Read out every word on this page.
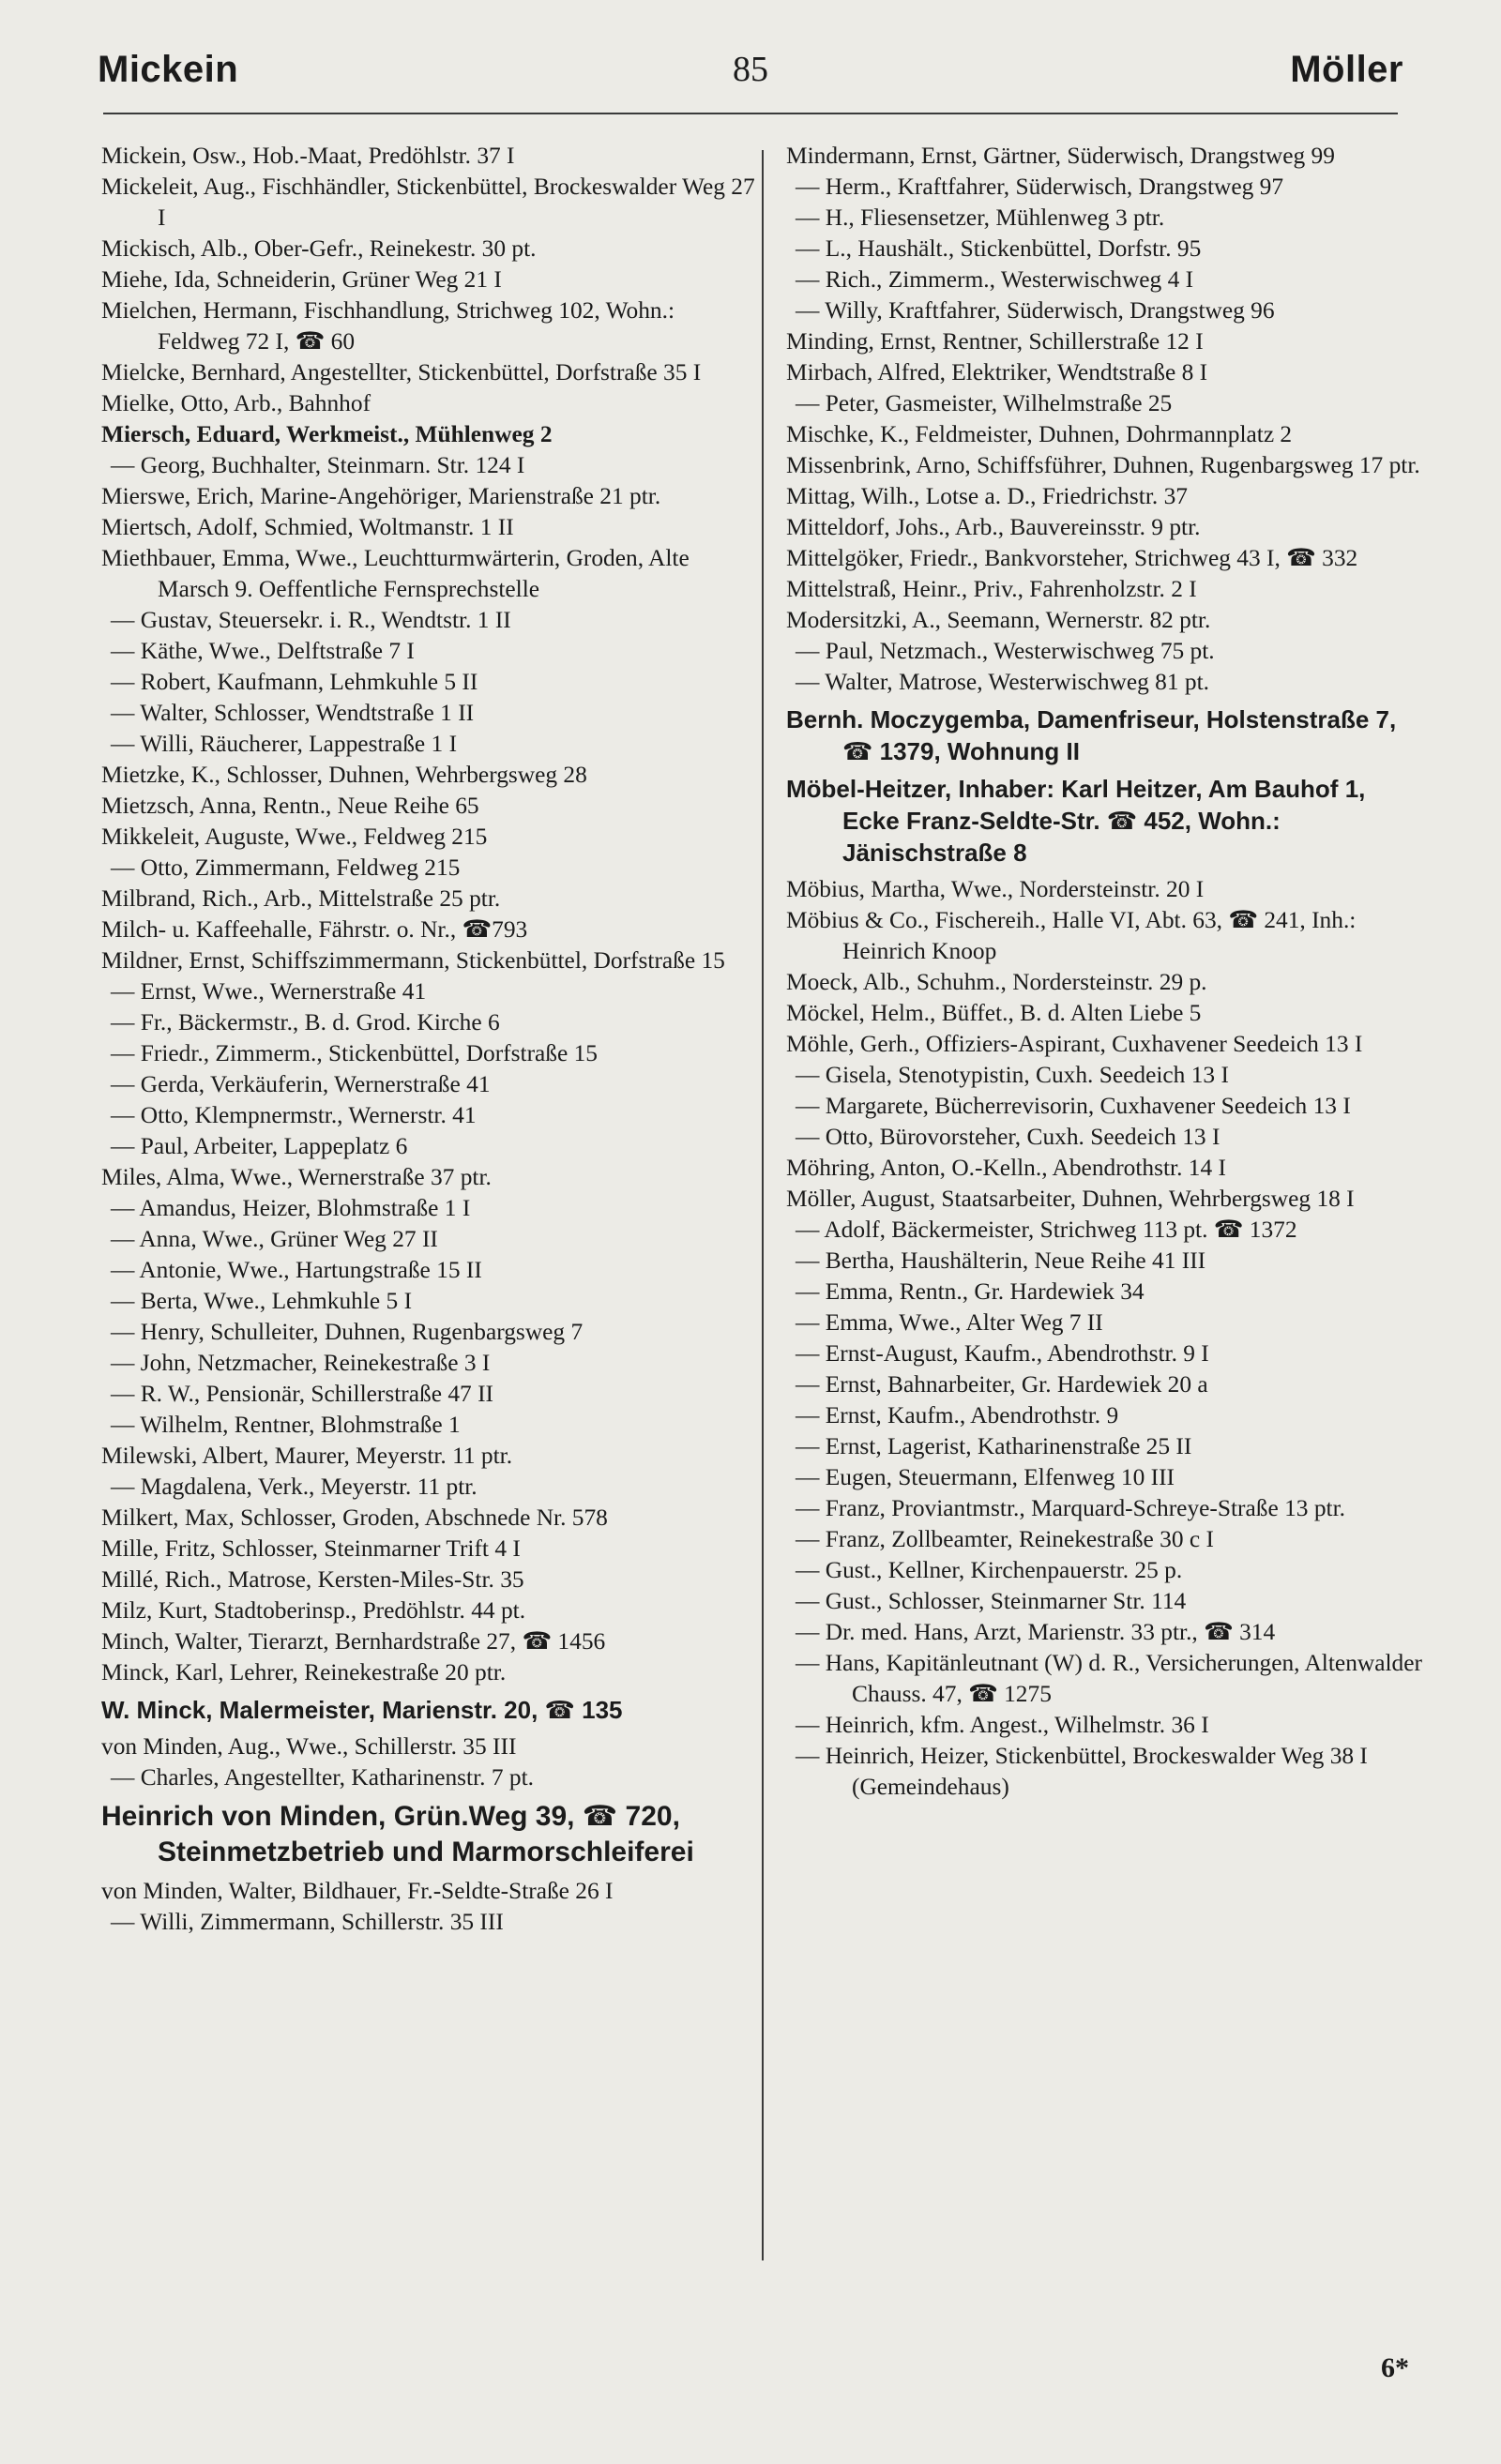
Mickein	85	Möller

Mickein, Osw., Hob.-Maat, Predöhlstr. 37 I

Mickeleit, Aug., Fischhändler, Stickenbüttel, Brockeswalder Weg 27 I

Mickisch, Alb., Ober-Gefr., Reinekestr. 30 pt.

Miehe, Ida, Schneiderin, Grüner Weg 21 I

Mielchen, Hermann, Fischhandlung, Strichweg 102, Wohn.: Feldweg 72 I, ☎ 60

Mielcke, Bernhard, Angestellter, Stickenbüttel, Dorfstraße 35 I

Mielke, Otto, Arb., Bahnhof

Miersch, Eduard, Werkmeist., Mühlenweg 2

— Georg, Buchhalter, Steinmarn. Str. 124 I

Mierswe, Erich, Marine-Angehöriger, Marienstraße 21 ptr.

Miertsch, Adolf, Schmied, Woltmanstr. 1 II

Miethbauer, Emma, Wwe., Leuchtturmwärterin, Groden, Alte Marsch 9. Oeffentliche Fernsprechstelle

— Gustav, Steuersekr. i. R., Wendtstr. 1 II

— Käthe, Wwe., Delftstraße 7 I

— Robert, Kaufmann, Lehmkuhle 5 II

— Walter, Schlosser, Wendtstraße 1 II

— Willi, Räucherer, Lappestraße 1 I

Mietzke, K., Schlosser, Duhnen, Wehrbergsweg 28

Mietzsch, Anna, Rentn., Neue Reihe 65

Mikkeleit, Auguste, Wwe., Feldweg 215

— Otto, Zimmermann, Feldweg 215

Milbrand, Rich., Arb., Mittelstraße 25 ptr.

Milch- u. Kaffeehalle, Fährstr. o. Nr., ☎793

Mildner, Ernst, Schiffszimmermann, Stickenbüttel, Dorfstraße 15

— Ernst, Wwe., Wernerstraße 41

— Fr., Bäckermstr., B. d. Grod. Kirche 6

— Friedr., Zimmerm., Stickenbüttel, Dorfstraße 15

— Gerda, Verkäuferin, Wernerstraße 41

— Otto, Klempnermstr., Wernerstr. 41

— Paul, Arbeiter, Lappeplatz 6

Miles, Alma, Wwe., Wernerstraße 37 ptr.

— Amandus, Heizer, Blohmstraße 1 I

— Anna, Wwe., Grüner Weg 27 II

— Antonie, Wwe., Hartungstraße 15 II

— Berta, Wwe., Lehmkuhle 5 I

— Henry, Schulleiter, Duhnen, Rugenbargsweg 7

— John, Netzmacher, Reinekestraße 3 I

— R. W., Pensionär, Schillerstraße 47 II

— Wilhelm, Rentner, Blohmstraße 1

Milewski, Albert, Maurer, Meyerstr. 11 ptr.

— Magdalena, Verk., Meyerstr. 11 ptr.

Milkert, Max, Schlosser, Groden, Abschnede Nr. 578

Mille, Fritz, Schlosser, Steinmarner Trift 4 I

Millé, Rich., Matrose, Kersten-Miles-Str. 35

Milz, Kurt, Stadtoberinsp., Predöhlstr. 44 pt.

Minch, Walter, Tierarzt, Bernhardstraße 27, ☎ 1456

Minck, Karl, Lehrer, Reinekestraße 20 ptr.

W. Minck, Malermeister, Marienstr. 20, ☎ 135

von Minden, Aug., Wwe., Schillerstr. 35 III

— Charles, Angestellter, Katharinenstr. 7 pt.

Heinrich von Minden, Grün.Weg 39, ☎ 720, Steinmetzbetrieb und Marmorschleiferei

von Minden, Walter, Bildhauer, Fr.-Seldte-Straße 26 I

— Willi, Zimmermann, Schillerstr. 35 III

Mindermann, Ernst, Gärtner, Süderwisch, Drangstweg 99

— Herm., Kraftfahrer, Süderwisch, Drangstweg 97

— H., Fliesensetzer, Mühlenweg 3 ptr.

— L., Haushält., Stickenbüttel, Dorfstr. 95

— Rich., Zimmerm., Westerwischweg 4 I

— Willy, Kraftfahrer, Süderwisch, Drangstweg 96

Minding, Ernst, Rentner, Schillerstraße 12 I

Mirbach, Alfred, Elektriker, Wendtstraße 8 I

— Peter, Gasmeister, Wilhelmstraße 25

Mischke, K., Feldmeister, Duhnen, Dohrmannplatz 2

Missenbrink, Arno, Schiffsführer, Duhnen, Rugenbargsweg 17 ptr.

Mittag, Wilh., Lotse a. D., Friedrichstr. 37

Mitteldorf, Johs., Arb., Bauvereinsstr. 9 ptr.

Mittelgöker, Friedr., Bankvorsteher, Strichweg 43 I, ☎ 332

Mittelstraß, Heinr., Priv., Fahrenholzstr. 2 I

Modersitzki, A., Seemann, Wernerstr. 82 ptr.

— Paul, Netzmach., Westerwischweg 75 pt.

— Walter, Matrose, Westerwischweg 81 pt.

Bernh. Moczygemba, Damenfriseur, Holstenstraße 7, ☎ 1379, Wohnung II

Möbel-Heitzer, Inhaber: Karl Heitzer, Am Bauhof 1, Ecke Franz-Seldte-Str. ☎ 452, Wohn.: Jänischstraße 8

Möbius, Martha, Wwe., Nordersteinstr. 20 I

Möbius & Co., Fischereih., Halle VI, Abt. 63, ☎ 241, Inh.: Heinrich Knoop

Moeck, Alb., Schuhm., Nordersteinstr. 29 p.

Möckel, Helm., Büffet., B. d. Alten Liebe 5

Möhle, Gerh., Offiziers-Aspirant, Cuxhavener Seedeich 13 I

— Gisela, Stenotypistin, Cuxh. Seedeich 13 I

— Margarete, Bücherrevisorin, Cuxhavener Seedeich 13 I

— Otto, Bürovorsteher, Cuxh. Seedeich 13 I

Möhring, Anton, O.-Kelln., Abendrothstr. 14 I

Möller, August, Staatsarbeiter, Duhnen, Wehrbergsweg 18 I

— Adolf, Bäckermeister, Strichweg 113 pt. ☎ 1372

— Bertha, Haushälterin, Neue Reihe 41 III

— Emma, Rentn., Gr. Hardewiek 34

— Emma, Wwe., Alter Weg 7 II

— Ernst-August, Kaufm., Abendrothstr. 9 I

— Ernst, Bahnarbeiter, Gr. Hardewiek 20 a

— Ernst, Kaufm., Abendrothstr. 9

— Ernst, Lagerist, Katharinenstraße 25 II

— Eugen, Steuermann, Elfenweg 10 III

— Franz, Proviantmstr., Marquard-Schreye-Straße 13 ptr.

— Franz, Zollbeamter, Reinekestraße 30 c I

— Gust., Kellner, Kirchenpauerstr. 25 p.

— Gust., Schlosser, Steinmarner Str. 114

— Dr. med. Hans, Arzt, Marienstr. 33 ptr., ☎ 314

— Hans, Kapitänleutnant (W) d. R., Versicherungen, Altenwalder Chauss. 47, ☎ 1275

— Heinrich, kfm. Angest., Wilhelmstr. 36 I

— Heinrich, Heizer, Stickenbüttel, Brockeswalder Weg 38 I (Gemeindehaus)

6*
